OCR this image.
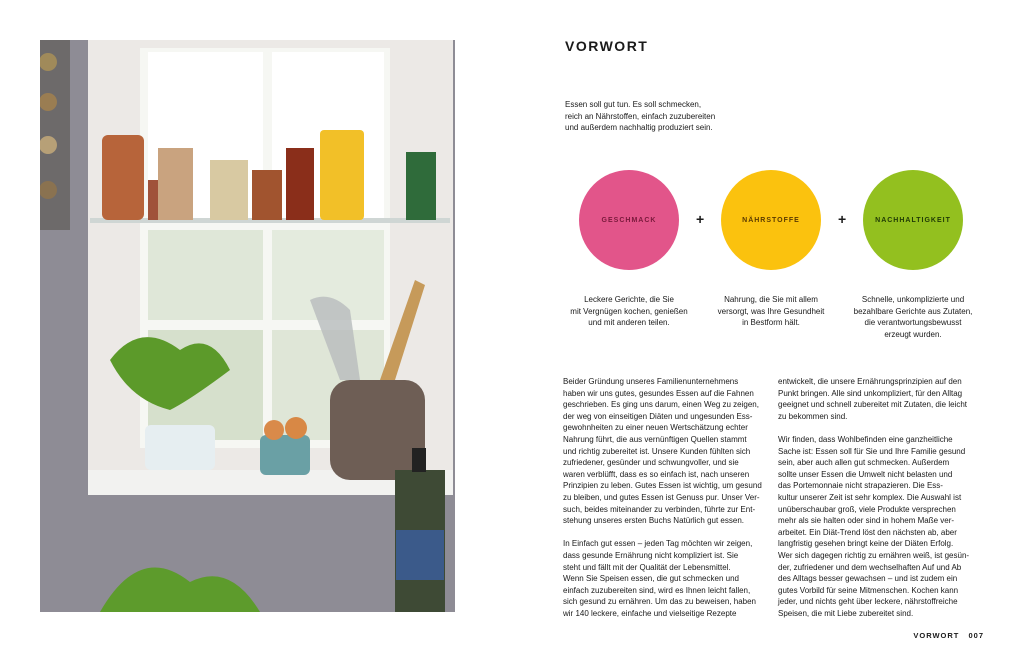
VORWORT
Essen soll gut tun. Es soll schmecken,
reich an Nährstoffen, einfach zuzubereiten
und außerdem nachhaltig produziert sein.
GESCHMACK	+	NÄHRSTOFFE	+	NACHHALTIGKEIT
Leckere Gerichte, die Sie
mit Vergnügen kochen, genießen
und mit anderen teilen.
Nahrung, die Sie mit allem
versorgt, was Ihre Gesundheit
in Bestform hält.
Schnelle, unkomplizierte und
bezahlbare Gerichte aus Zutaten,
die verantwortungsbewusst
erzeugt wurden.
Beider Gründung unseres Familienunternehmens
haben wir uns gutes, gesundes Essen auf die Fahnen
geschrieben. Es ging uns darum, einen Weg zu zeigen,
der weg von einseitigen Diäten und ungesunden Ess-
gewohnheiten zu einer neuen Wertschätzung echter
Nahrung führt, die aus vernünftigen Quellen stammt
und richtig zubereitet ist. Unsere Kunden fühlten sich
zufriedener, gesünder und schwungvoller, und sie
waren verblüfft, dass es so einfach ist, nach unseren
Prinzipien zu leben. Gutes Essen ist wichtig, um gesund
zu bleiben, und gutes Essen ist Genuss pur. Unser Ver-
such, beides miteinander zu verbinden, führte zur Ent-
stehung unseres ersten Buchs Natürlich gut essen.

In Einfach gut essen – jeden Tag möchten wir zeigen,
dass gesunde Ernährung nicht kompliziert ist. Sie
steht und fällt mit der Qualität der Lebensmittel.
Wenn Sie Speisen essen, die gut schmecken und
einfach zuzubereiten sind, wird es Ihnen leicht fallen,
sich gesund zu ernähren. Um das zu beweisen, haben
wir 140 leckere, einfache und vielseitige Rezepte
entwickelt, die unsere Ernährungsprinzipien auf den
Punkt bringen. Alle sind unkompliziert, für den Alltag
geeignet und schnell zubereitet mit Zutaten, die leicht
zu bekommen sind.

Wir finden, dass Wohlbefinden eine ganzheitliche
Sache ist: Essen soll für Sie und Ihre Familie gesund
sein, aber auch allen gut schmecken. Außerdem
sollte unser Essen die Umwelt nicht belasten und
das Portemonnaie nicht strapazieren. Die Ess-
kultur unserer Zeit ist sehr komplex. Die Auswahl ist
unüberschaubar groß, viele Produkte versprechen
mehr als sie halten oder sind in hohem Maße ver-
arbeitet. Ein Diät-Trend löst den nächsten ab, aber
langfristig gesehen bringt keine der Diäten Erfolg.
Wer sich dagegen richtig zu ernähren weiß, ist gesün-
der, zufriedener und dem wechselhaften Auf und Ab
des Alltags besser gewachsen – und ist zudem ein
gutes Vorbild für seine Mitmenschen. Kochen kann
jeder, und nichts geht über leckere, nährstoffreiche
Speisen, die mit Liebe zubereitet sind.
VORWORT 007
